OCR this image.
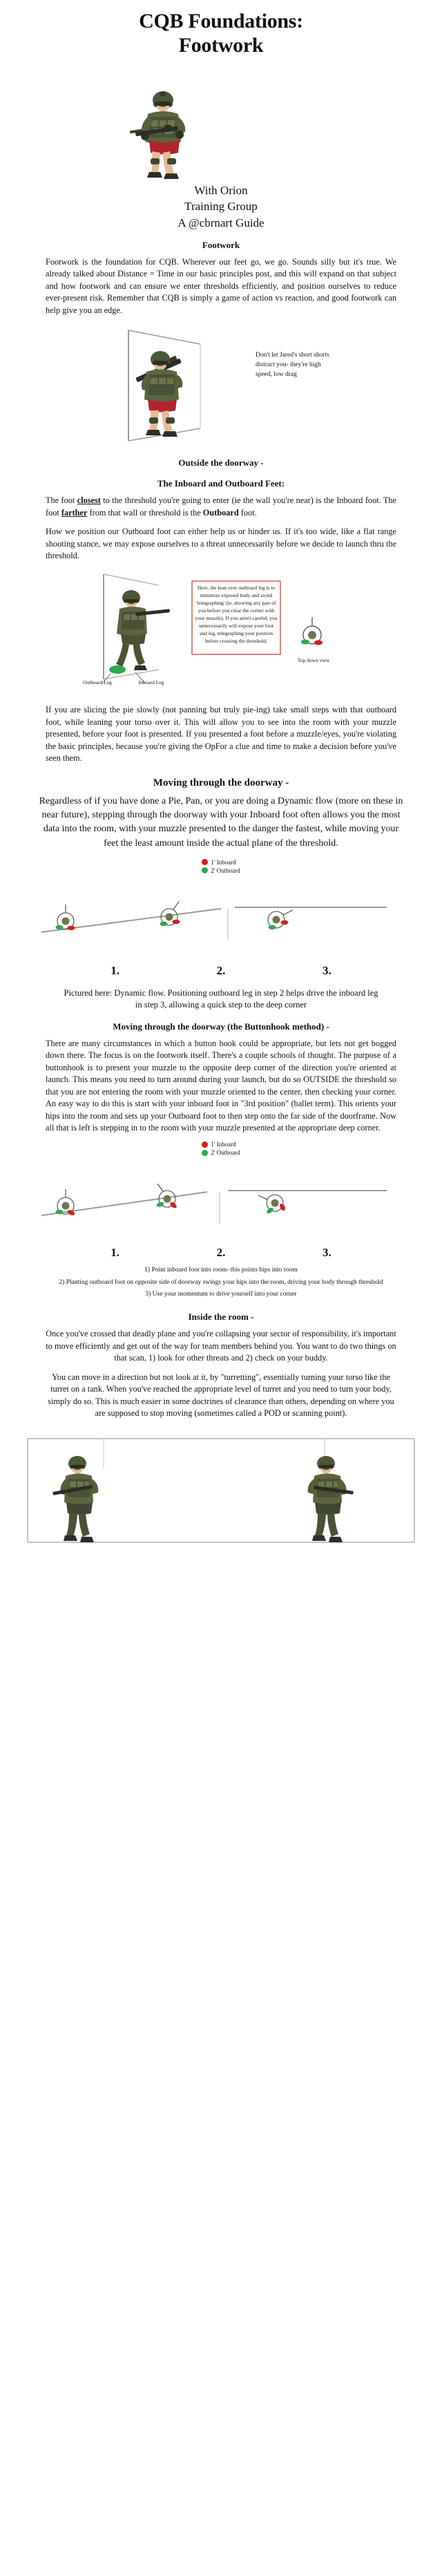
CQB Foundations:
Footwork
With Orion
Training Group
A @cbrnart Guide
Footwork

Footwork is the foundation for CQB. Wherever our feet go, we go. Sounds silly but it's true. We already talked about Distance = Time in our basic principles post, and this will expand on that subject and how footwork and can ensure we enter thresholds efficiently, and position ourselves to reduce ever-present risk. Remember that CQB is simply a game of action vs reaction, and good footwork can help give you an edge.

Don't let Jared's short shorts distract you- they're high speed, low drag
Outside the doorway -
The Inboard and Outboard Feet:

The foot closest to the threshold you're going to enter (ie the wall you're near) is the Inboard foot. The foot farther from that wall or threshold is the Outboard foot.

How we position our Outboard foot can either help us or hinder us. If it's too wide, like a flat range shooting stance, we may expose ourselves to a threat unnecessarily before we decide to launch thru the threshold.

Here, the lean over outboard leg is to minimize exposed body and avoid 'telegraphing' (ie, showing any part of you before you clear the corner with your muzzle). If you aren't careful, you unnecessarily will expose your foot and leg, telegraphing your position before crossing the threshold.
Outboard Leg	Inboard Leg
Top down view

If you are slicing the pie slowly (not panning but truly pie-ing) take small steps with that outboard foot, while leaning your torso over it. This will allow you to see into the room with your muzzle presented, before your foot is presented. If you presented a foot before a muzzle/eyes, you're violating the basic principles, because you're giving the OpFor a clue and time to make a decision before you've seen them.

Moving through the doorway -

Regardless of if you have done a Pie, Pan, or you are doing a Dynamic flow (more on these in near future), stepping through the doorway with your Inboard foot often allows you the most data into the room, with your muzzle presented to the danger the fastest, while moving your feet the least amount inside the actual plane of the threshold.

1' Inboard
2' Outboard
1.	2.	3.
Pictured here: Dynamic flow. Positioning outboard leg in step 2 helps drive the inboard leg in step 3, allowing a quick step to the deep corner
Moving through the doorway (the Buttonhook method) -

There are many circumstances in which a button hook could be appropriate, but lets not get bogged down there. The focus is on the footwork itself. There's a couple schools of thought. The purpose of a buttonhook is to present your muzzle to the opposite deep corner of the direction you're oriented at launch. This means you need to turn around during your launch, but do so OUTSIDE the threshold so that you are not entering the room with your muzzle oriented to the center, then checking your corner. An easy way to do this is start with your inboard foot in "3rd position" (ballet term). This orients your hips into the room and sets up your Outboard foot to then step onto the far side of the doorframe. Now all that is left is stepping in to the room with your muzzle presented at the appropriate deep corner.

1' Inboard
2' Outboard
1.	2.	3.
1) Point inboard foot into room- this points hips into room
2) Planting outboard foot on opposite side of doorway swings your hips into the room, driving your body through threshold
3) Use your momentum to drive yourself into your corner
Inside the room -

Once you've crossed that deadly plane and you're collapsing your sector of responsibility, it's important to move efficiently and get out of the way for team members behind you. You want to do two things on that scan, 1) look for other threats and 2) check on your buddy.

You can move in a direction but not look at it, by "turretting", essentially turning your torso like the turret on a tank. When you've reached the appropriate level of turret and you need to turn your body, simply do so. This is much easier in some doctrines of clearance than others, depending on where you are supposed to stop moving (sometimes called a POD or scanning point).
